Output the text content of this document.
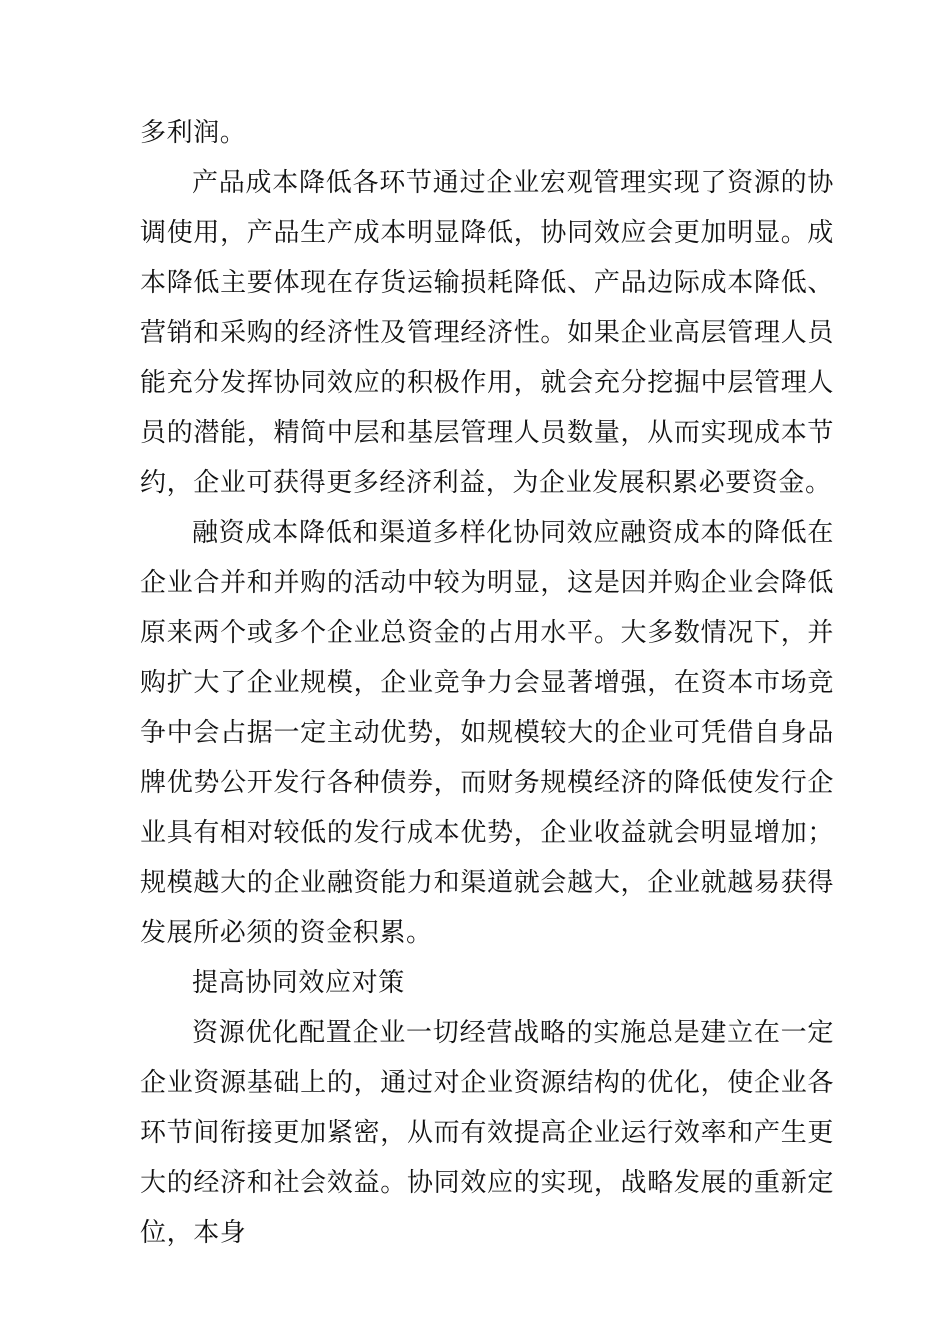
多利润。

产品成本降低各环节通过企业宏观管理实现了资源的协调使用，产品生产成本明显降低，协同效应会更加明显。成本降低主要体现在存货运输损耗降低、产品边际成本降低、营销和采购的经济性及管理经济性。如果企业高层管理人员能充分发挥协同效应的积极作用，就会充分挖掘中层管理人员的潜能，精简中层和基层管理人员数量，从而实现成本节约，企业可获得更多经济利益，为企业发展积累必要资金。

融资成本降低和渠道多样化协同效应融资成本的降低在企业合并和并购的活动中较为明显，这是因并购企业会降低原来两个或多个企业总资金的占用水平。大多数情况下，并购扩大了企业规模，企业竞争力会显著增强，在资本市场竞争中会占据一定主动优势，如规模较大的企业可凭借自身品牌优势公开发行各种债券，而财务规模经济的降低使发行企业具有相对较低的发行成本优势，企业收益就会明显增加；规模越大的企业融资能力和渠道就会越大，企业就越易获得发展所必须的资金积累。

提高协同效应对策

资源优化配置企业一切经营战略的实施总是建立在一定企业资源基础上的，通过对企业资源结构的优化，使企业各环节间衔接更加紧密，从而有效提高企业运行效率和产生更大的经济和社会效益。协同效应的实现，战略发展的重新定位，本身
